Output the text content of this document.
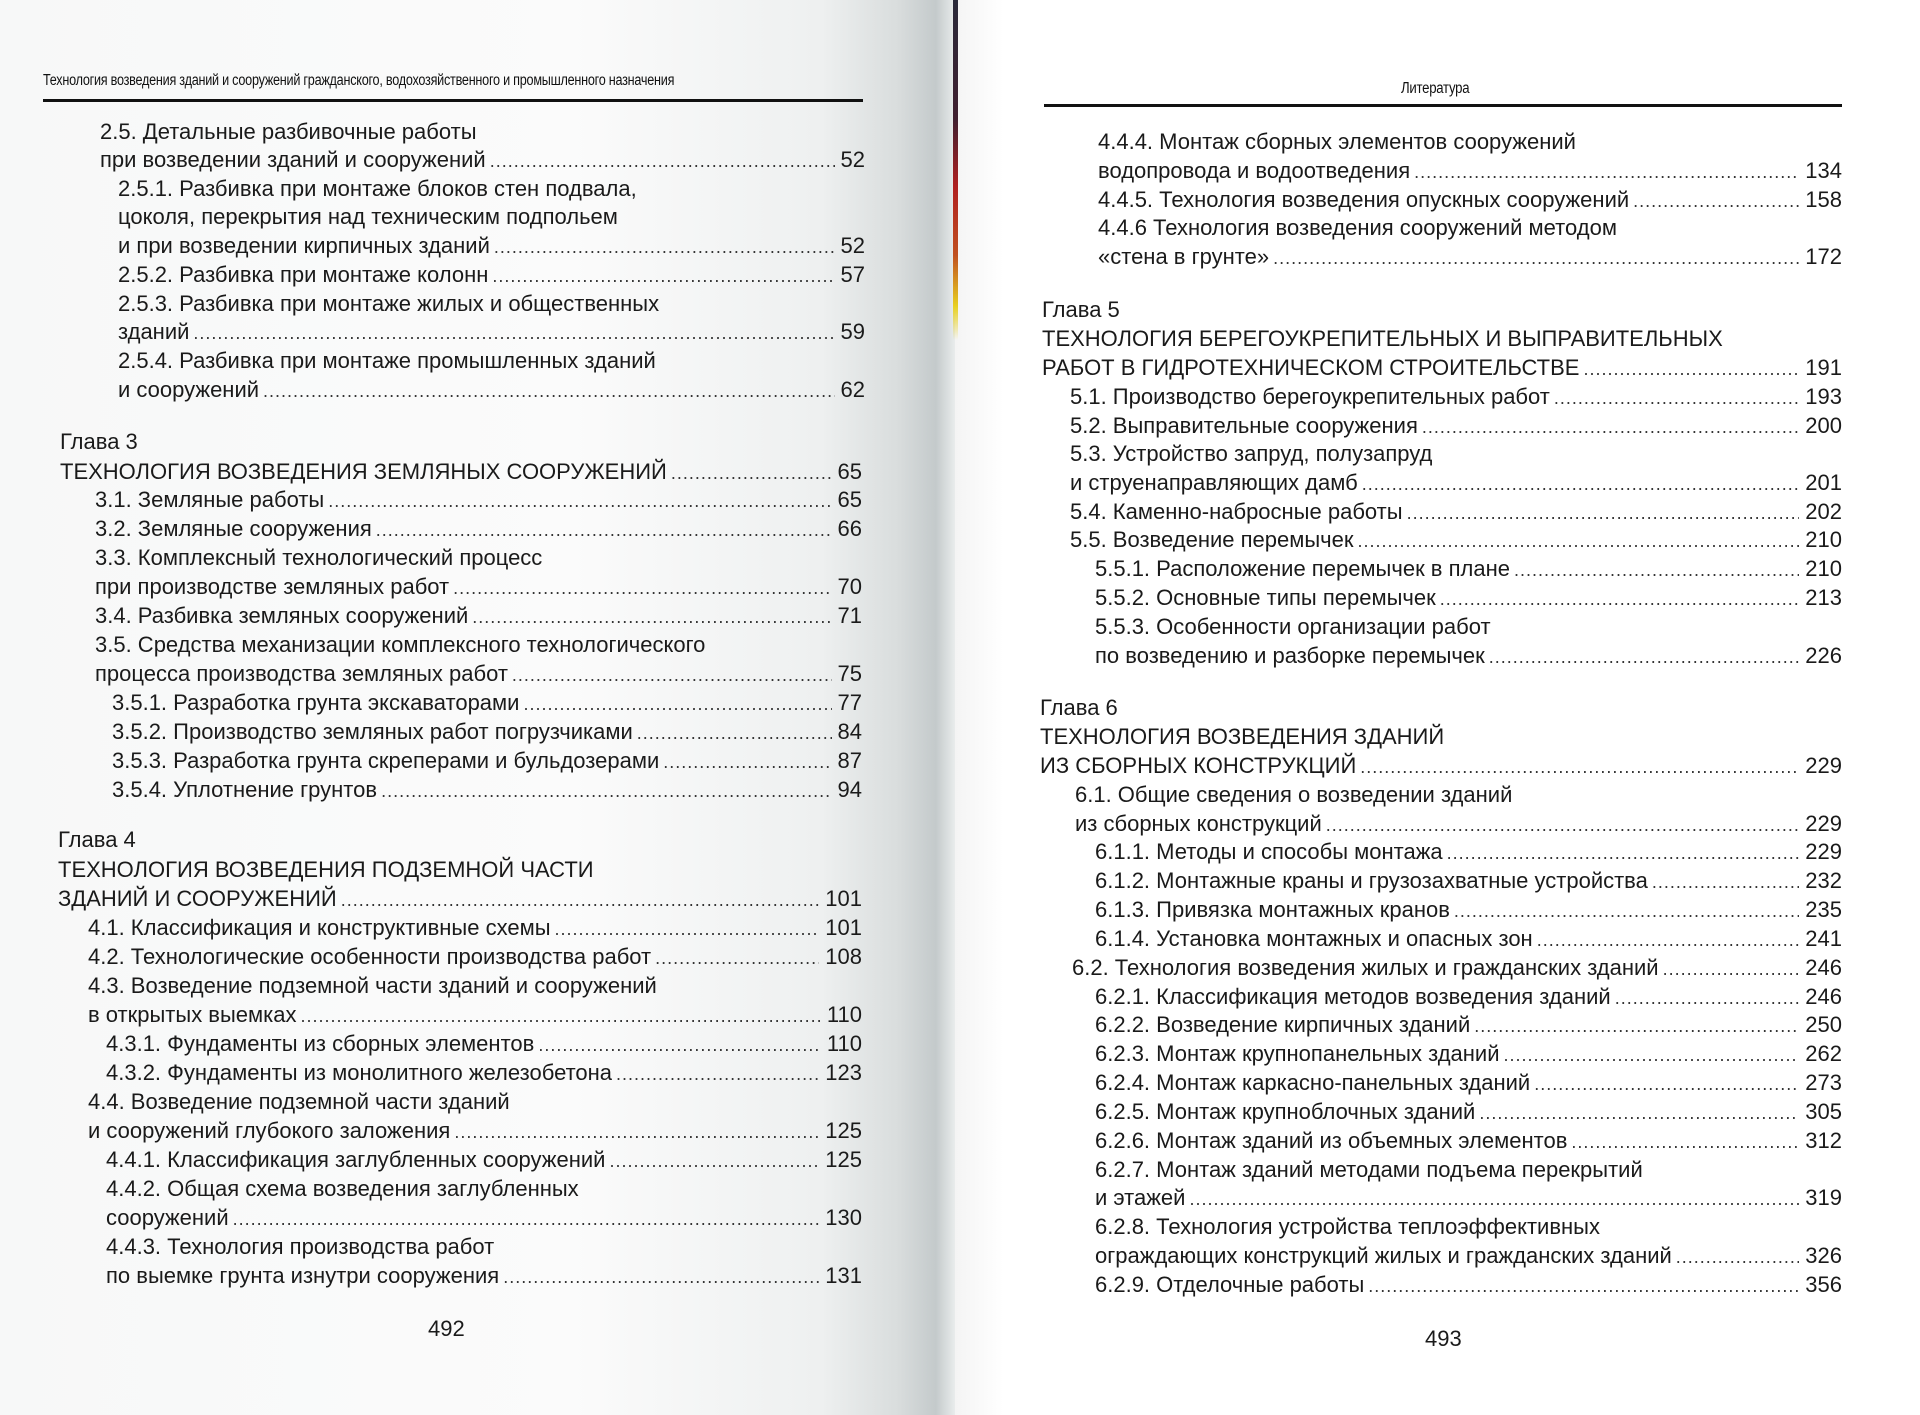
Технология возведения зданий и сооружений гражданского, водохозяйственного и промышленного назначения
2.5. Детальные разбивочные работы
при возведении зданий и сооружений .....	52
2.5.1. Разбивка при монтаже блоков стен подвала,
цоколя, перекрытия над техническим подпольем
и при возведении кирпичных зданий .....	52
2.5.2. Разбивка при монтаже колонн .....	57
2.5.3. Разбивка при монтаже жилых и общественных
зданий .....	59
2.5.4. Разбивка при монтаже промышленных зданий
и сооружений .....	62
Глава 3
ТЕХНОЛОГИЯ ВОЗВЕДЕНИЯ ЗЕМЛЯНЫХ СООРУЖЕНИЙ .....	65
3.1. Земляные работы .....	65
3.2. Земляные сооружения .....	66
3.3. Комплексный технологический процесс
при производстве земляных работ .....	70
3.4. Разбивка земляных сооружений .....	71
3.5. Средства механизации комплексного технологического
процесса производства земляных работ .....	75
3.5.1. Разработка грунта экскаваторами .....	77
3.5.2. Производство земляных работ погрузчиками .....	84
3.5.3. Разработка грунта скреперами и бульдозерами .....	87
3.5.4. Уплотнение грунтов .....	94
Глава 4
ТЕХНОЛОГИЯ ВОЗВЕДЕНИЯ ПОДЗЕМНОЙ ЧАСТИ
ЗДАНИЙ И СООРУЖЕНИЙ .....	101
4.1. Классификация и конструктивные схемы .....	101
4.2. Технологические особенности производства работ .....	108
4.3. Возведение подземной части зданий и сооружений
в открытых выемках .....	110
4.3.1. Фундаменты из сборных элементов .....	110
4.3.2. Фундаменты из монолитного железобетона .....	123
4.4. Возведение подземной части зданий
и сооружений глубокого заложения .....	125
4.4.1. Классификация заглубленных сооружений .....	125
4.4.2. Общая схема возведения заглубленных
сооружений .....	130
4.4.3. Технология производства работ
по выемке грунта изнутри сооружения .....	131
492
Литература
4.4.4. Монтаж сборных элементов сооружений
водопровода и водоотведения .....	134
4.4.5. Технология возведения опускных сооружений .....	158
4.4.6 Технология возведения сооружений методом
«стена в грунте» .....	172
Глава 5
ТЕХНОЛОГИЯ БЕРЕГОУКРЕПИТЕЛЬНЫХ И ВЫПРАВИТЕЛЬНЫХ
РАБОТ В ГИДРОТЕХНИЧЕСКОМ СТРОИТЕЛЬСТВЕ .....	191
5.1. Производство берегоукрепительных работ .....	193
5.2. Выправительные сооружения .....	200
5.3. Устройство запруд, полузапруд
и струенаправляющих дамб .....	201
5.4. Каменно-набросные работы .....	202
5.5. Возведение перемычек .....	210
5.5.1. Расположение перемычек в плане .....	210
5.5.2. Основные типы перемычек .....	213
5.5.3. Особенности организации работ
по возведению и разборке перемычек .....	226
Глава 6
ТЕХНОЛОГИЯ ВОЗВЕДЕНИЯ ЗДАНИЙ
ИЗ СБОРНЫХ КОНСТРУКЦИЙ .....	229
6.1. Общие сведения о возведении зданий
из сборных конструкций .....	229
6.1.1. Методы и способы монтажа .....	229
6.1.2. Монтажные краны и грузозахватные устройства .....	232
6.1.3. Привязка монтажных кранов .....	235
6.1.4. Установка монтажных и опасных зон .....	241
6.2. Технология возведения жилых и гражданских зданий .....	246
6.2.1. Классификация методов возведения зданий .....	246
6.2.2. Возведение кирпичных зданий .....	250
6.2.3. Монтаж крупнопанельных зданий .....	262
6.2.4. Монтаж каркасно-панельных зданий .....	273
6.2.5. Монтаж крупноблочных зданий .....	305
6.2.6. Монтаж зданий из объемных элементов .....	312
6.2.7. Монтаж зданий методами подъема перекрытий
и этажей .....	319
6.2.8. Технология устройства теплоэффективных
ограждающих конструкций жилых и гражданских зданий .....	326
6.2.9. Отделочные работы .....	356
493
